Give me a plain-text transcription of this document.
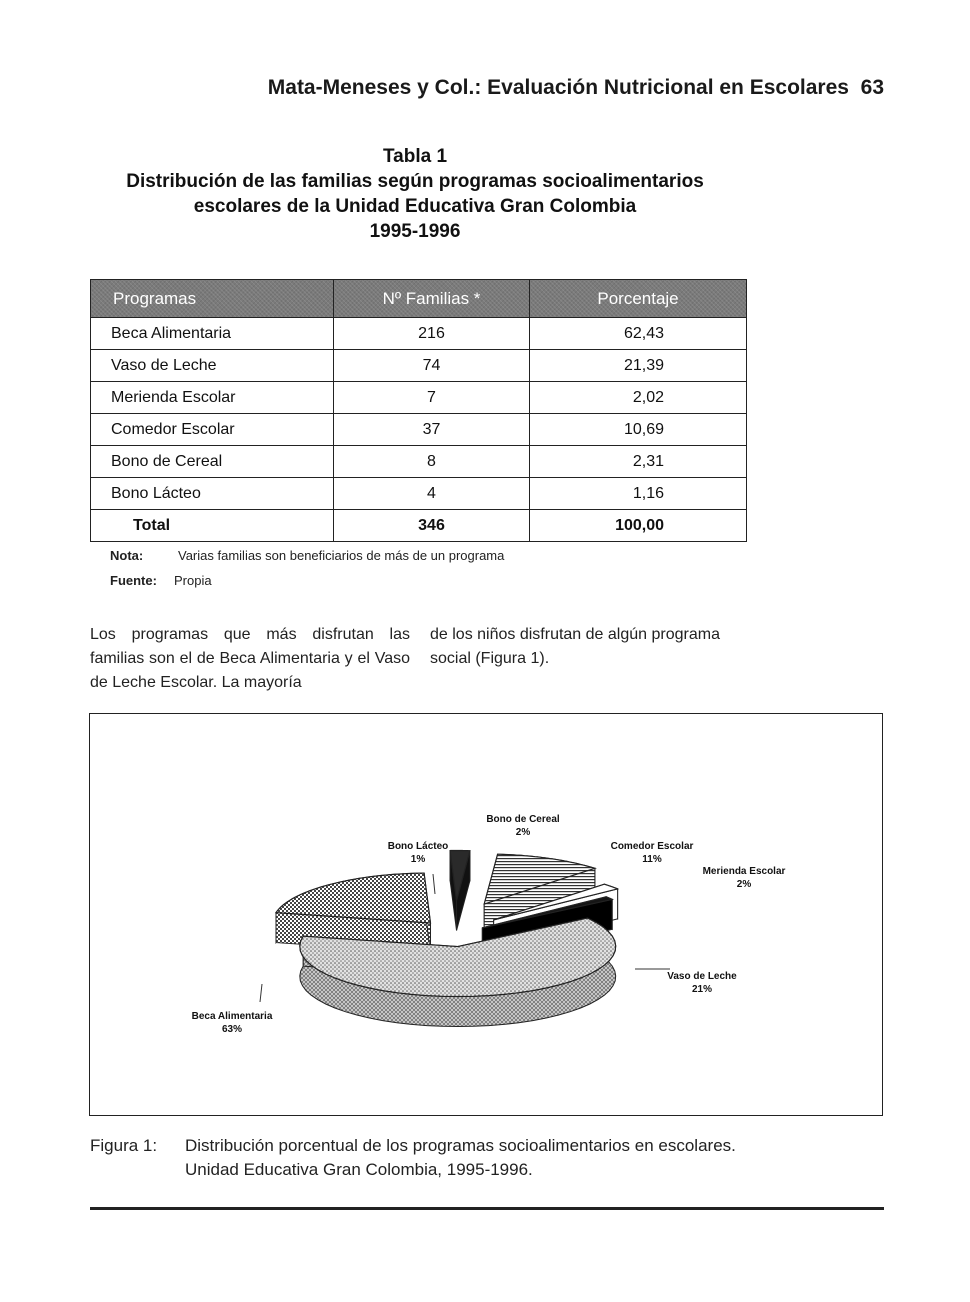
Mata-Meneses y Col.: Evaluación Nutricional en Escolares 63
Tabla 1
Distribución de las familias según programas socioalimentarios
escolares de la Unidad Educativa Gran Colombia
1995-1996
Programas	Nº Familias *	Porcentaje
Beca Alimentaria	216	62,43
Vaso de Leche	74	21,39
Merienda Escolar	7	2,02
Comedor Escolar	37	10,69
Bono de Cereal	8	2,31
Bono Lácteo	4	1,16
Total	346	100,00
Nota:	Varias familias son beneficiarios de más de un programa
Fuente: Propia
Los programas que más disfrutan las familias son el de Beca Alimentaria y el Vaso de Leche Escolar. La mayoría
de los niños disfrutan de algún programa social (Figura 1).
Beca Alimentaria
63%
Vaso de Leche
21%
Merienda Escolar
2%
Comedor Escolar
11%
Bono de Cereal
2%
Bono Lácteo
1%
Figura 1: Distribución porcentual de los programas socioalimentarios en escolares.
Unidad Educativa Gran Colombia, 1995-1996.
